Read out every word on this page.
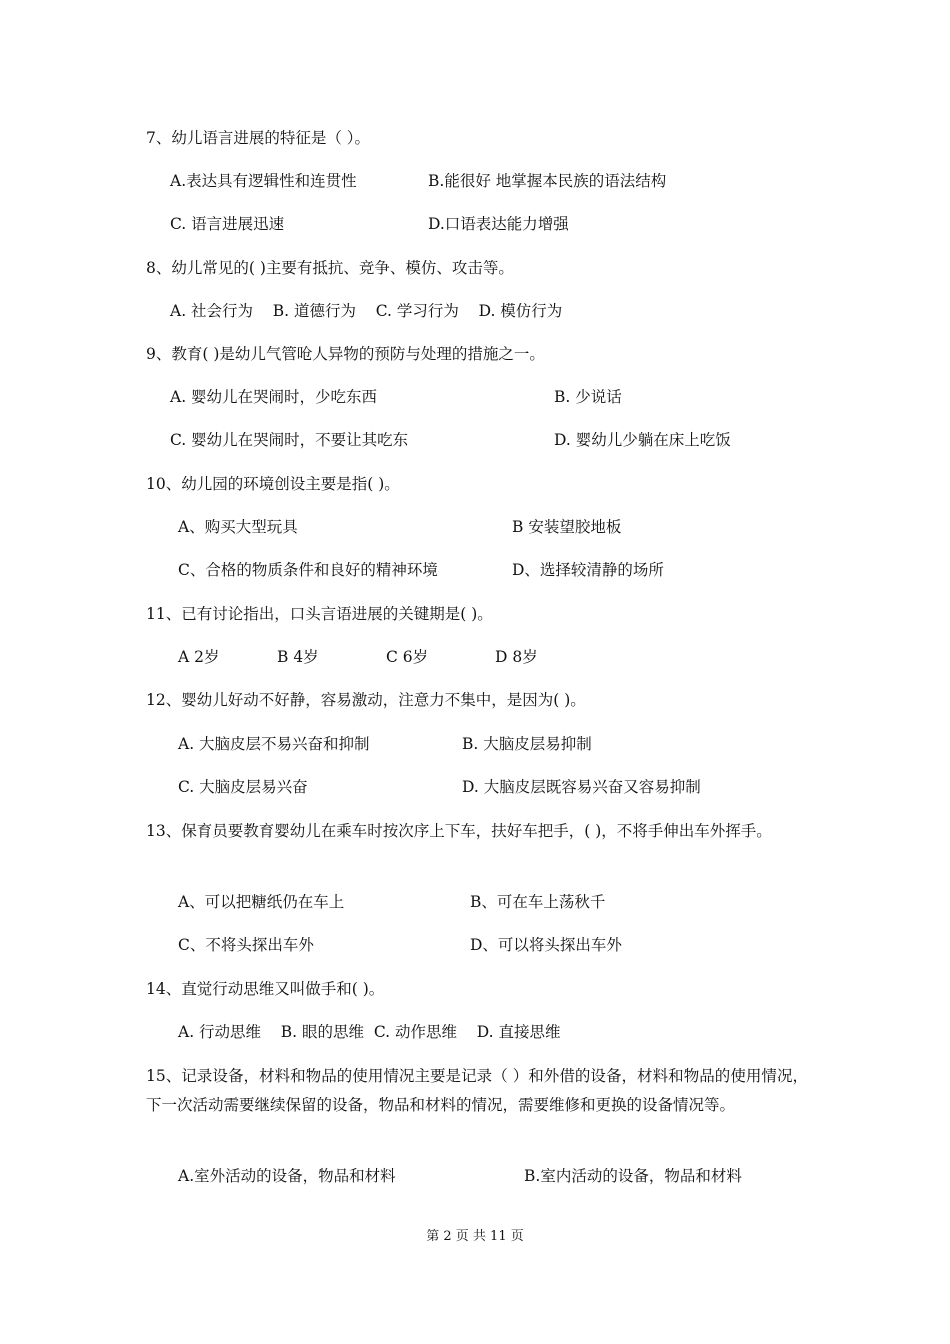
7、幼儿语言进展的特征是（ ）。
A.表达具有逻辑性和连贯性	B.能很好 地掌握本民族的语法结构
C. 语言进展迅速	D.口语表达能力增强
8、幼儿常见的( )主要有抵抗、竞争、模仿、攻击等。
A. 社会行为    B. 道德行为    C. 学习行为    D. 模仿行为
9、教育( )是幼儿气管呛人异物的预防与处理的措施之一。
A. 婴幼儿在哭闹时，少吃东西	B. 少说话
C. 婴幼儿在哭闹时，不要让其吃东	D. 婴幼儿少躺在床上吃饭
10、幼儿园的环境创设主要是指( )。
A、购买大型玩具	B 安装望胶地板
C、合格的物质条件和良好的精神环境	D、选择较清静的场所
11、已有讨论指出，口头言语进展的关键期是( )。
A 2岁	B 4岁	C 6岁	D 8岁
12、婴幼儿好动不好静，容易激动，注意力不集中，是因为( )。
A. 大脑皮层不易兴奋和抑制	B. 大脑皮层易抑制
C. 大脑皮层易兴奋	D. 大脑皮层既容易兴奋又容易抑制
13、保育员要教育婴幼儿在乘车时按次序上下车，扶好车把手，( )，不将手伸出车外挥手。
A、可以把糖纸仍在车上	B、可在车上荡秋千
C、不将头探出车外	D、可以将头探出车外
14、直觉行动思维又叫做手和( )。
A. 行动思维    B. 眼的思维  C. 动作思维    D. 直接思维
15、记录设备，材料和物品的使用情况主要是记录（ ）和外借的设备，材料和物品的使用情况，下一次活动需要继续保留的设备，物品和材料的情况，需要维修和更换的设备情况等。
A.室外活动的设备，物品和材料	B.室内活动的设备，物品和材料
第 2 页 共 11 页
